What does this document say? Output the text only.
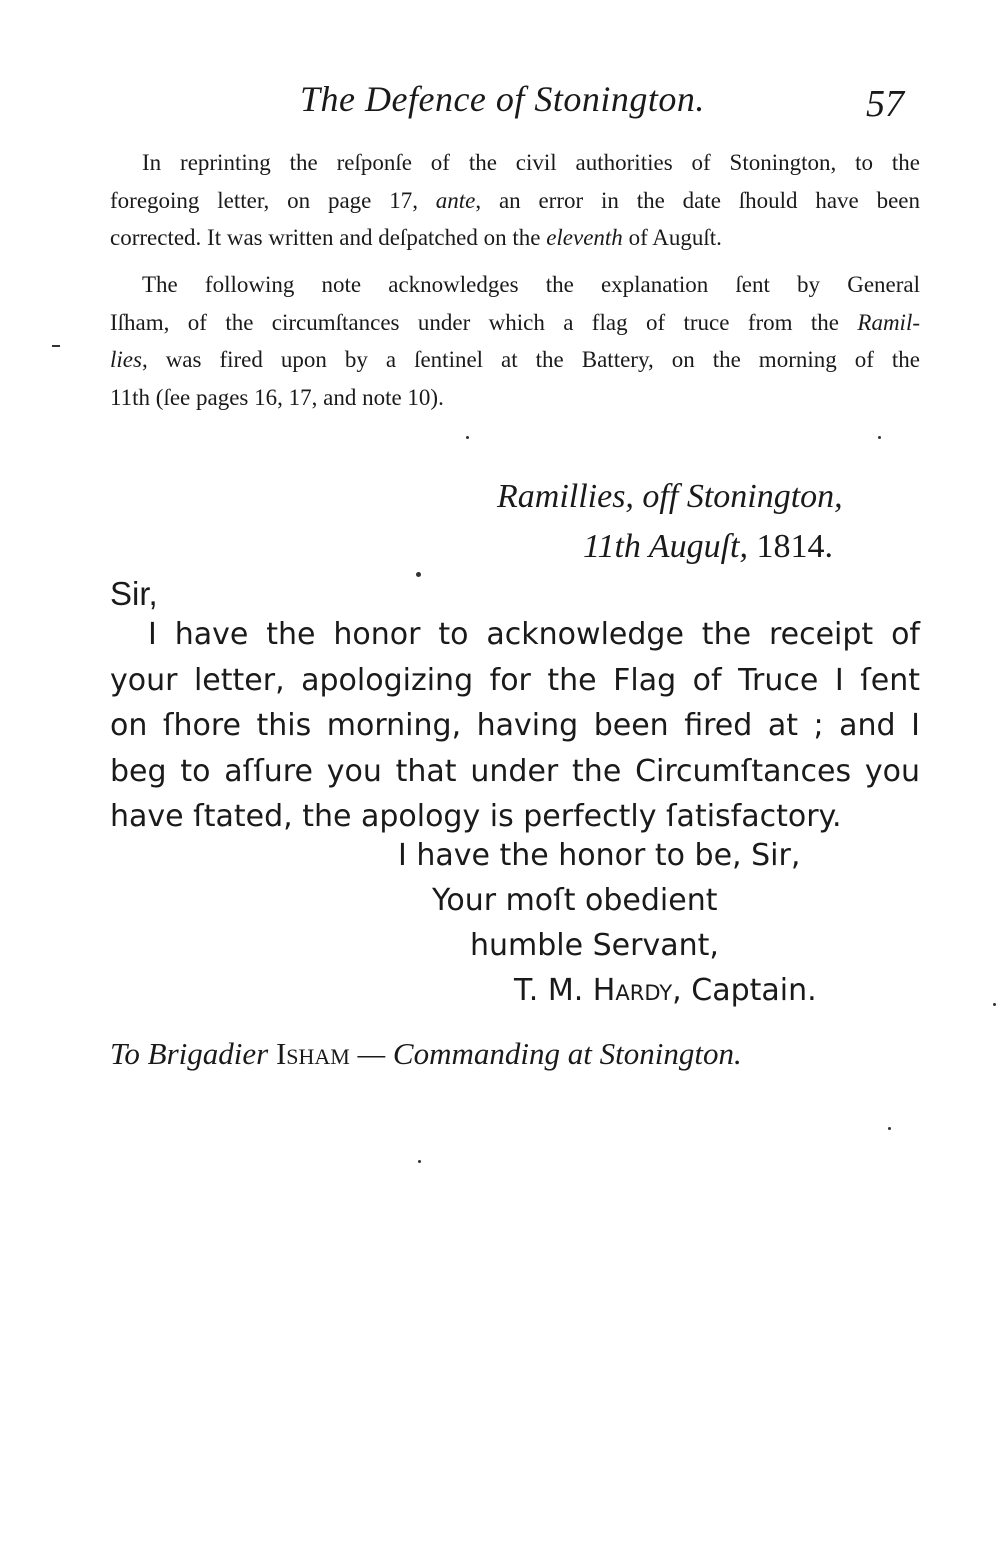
The Defence of Stonington.	57

In reprinting the reſponſe of the civil authorities of Stonington, to the
foregoing letter, on page 17, ante, an error in the date ſhould have been
corrected. It was written and deſpatched on the eleventh of Auguſt.

The following note acknowledges the explanation ſent by General
Iſham, of the circumſtances under which a flag of truce from the Ramil-
lies, was fired upon by a ſentinel at the Battery, on the morning of the
11th (ſee pages 16, 17, and note 10).

Ramillies, off Stonington,
11th Auguſt, 1814.
Sir,
I have the honor to acknowledge the receipt of
your letter, apologizing for the Flag of Truce I ſent
on ſhore this morning, having been fired at ; and I
beg to aſſure you that under the Circumſtances you
have ſtated, the apology is perfectly ſatisfactory.
I have the honor to be, Sir,
Your moſt obedient
humble Servant,
T. M. Hardy, Captain.
To Brigadier Isham — Commanding at Stonington.
